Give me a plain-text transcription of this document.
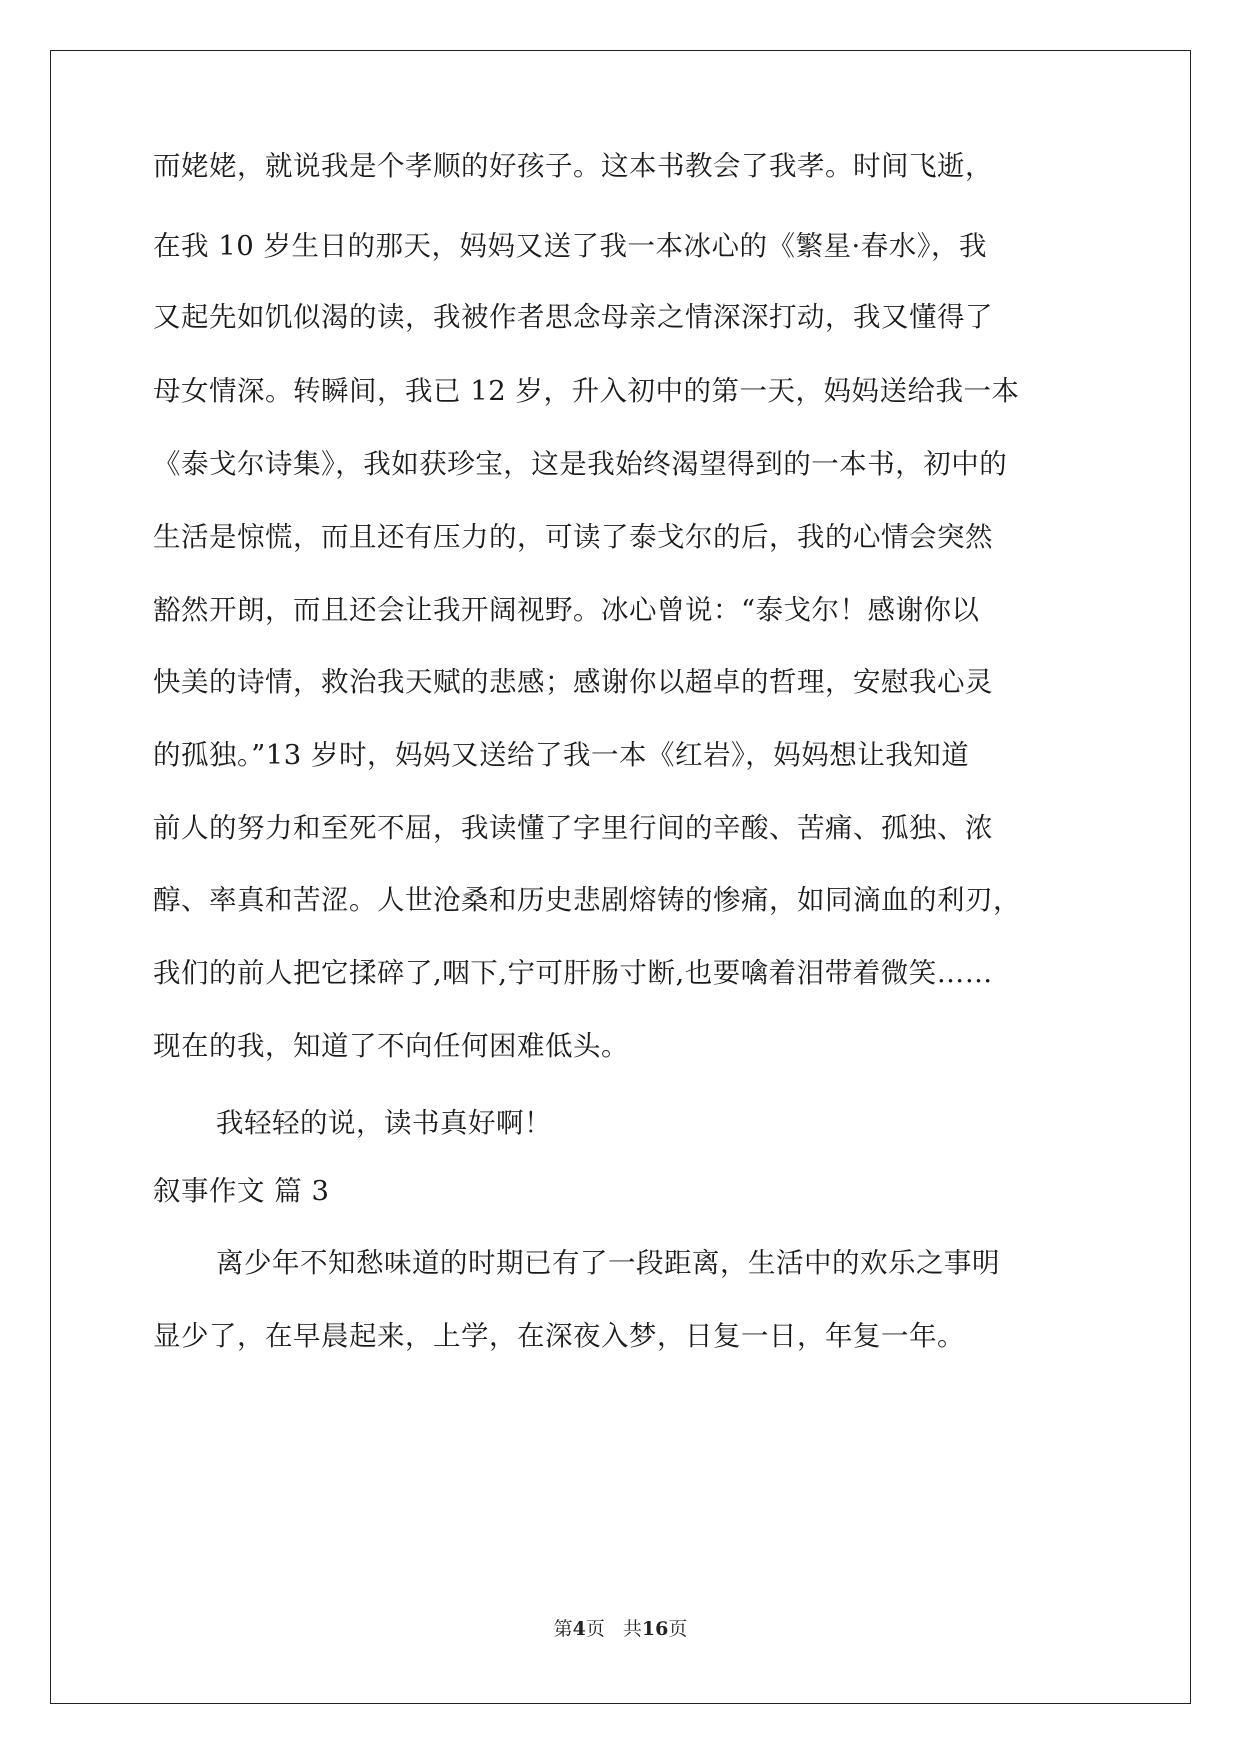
而姥姥，就说我是个孝顺的好孩子。这本书教会了我孝。时间飞逝，
在我 10 岁生日的那天，妈妈又送了我一本冰心的《繁星·春水》，我
又起先如饥似渴的读，我被作者思念母亲之情深深打动，我又懂得了
母女情深。转瞬间，我已 12 岁，升入初中的第一天，妈妈送给我一本
《泰戈尔诗集》，我如获珍宝，这是我始终渴望得到的一本书，初中的
生活是惊慌，而且还有压力的，可读了泰戈尔的后，我的心情会突然
豁然开朗，而且还会让我开阔视野。冰心曾说：“泰戈尔！感谢你以
快美的诗情，救治我天赋的悲感；感谢你以超卓的哲理，安慰我心灵
的孤独。”13 岁时，妈妈又送给了我一本《红岩》，妈妈想让我知道
前人的努力和至死不屈，我读懂了字里行间的辛酸、苦痛、孤独、浓
醇、率真和苦涩。人世沧桑和历史悲剧熔铸的惨痛，如同滴血的利刃，
我们的前人把它揉碎了,咽下,宁可肝肠寸断,也要噙着泪带着微笑……
现在的我，知道了不向任何困难低头。
我轻轻的说，读书真好啊！
叙事作文 篇 3
离少年不知愁味道的时期已有了一段距离，生活中的欢乐之事明
显少了，在早晨起来，上学，在深夜入梦，日复一日，年复一年。
第4页 共16页
